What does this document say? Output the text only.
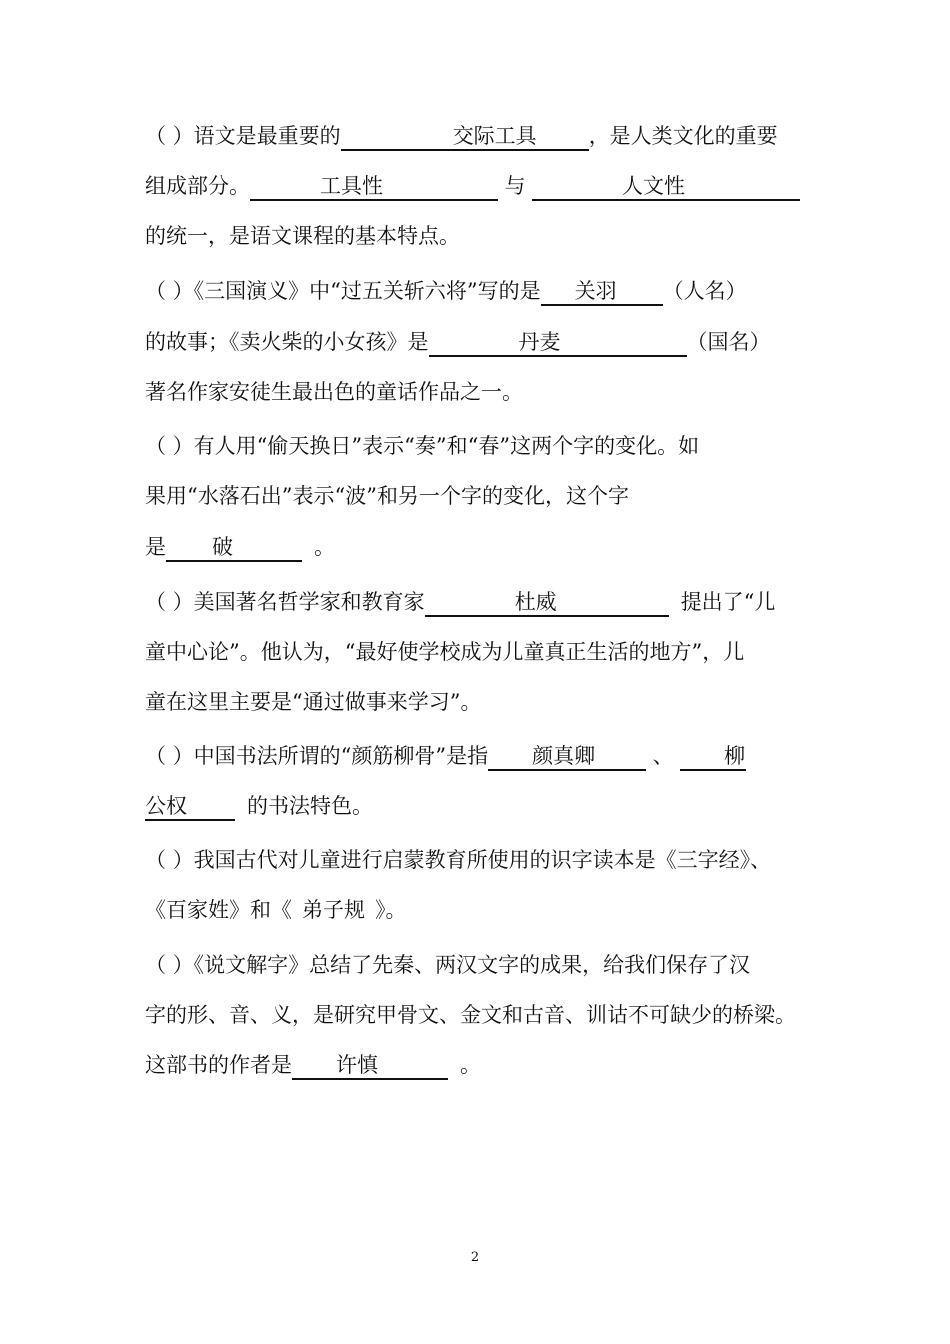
（ ）语文是最重要的	交际工具 ，是人类文化的重要
组成部分。	工具性	与	人文性
的统一，是语文课程的基本特点。
（ ）《三国演义》中“过五关斩六将”写的是 关羽 （人名）
的故事；《卖火柴的小女孩》是	丹麦	（国名）
著名作家安徒生最出色的童话作品之一。
（ ）有人用“偷天换日”表示“奏”和“春”这两个字的变化。如
果用“水落石出”表示“波”和另一个字的变化，这个字
是 破	。
（ ）美国著名哲学家和教育家	杜威	提出了“儿
童中心论”。他认为，“最好使学校成为儿童真正生活的地方”，儿
童在这里主要是“通过做事来学习”。
（ ）中国书法所谓的“颜筋柳骨”是指 颜真卿	、 柳
公权	的书法特色。
（ ）我国古代对儿童进行启蒙教育所使用的识字读本是《三字经》、
《百家姓》和《 弟子规 》。
（ ）《说文解字》总结了先秦、两汉文字的成果，给我们保存了汉
字的形、音、义，是研究甲骨文、金文和古音、训诂不可缺少的桥梁。
这部书的作者是 许慎	。
2
